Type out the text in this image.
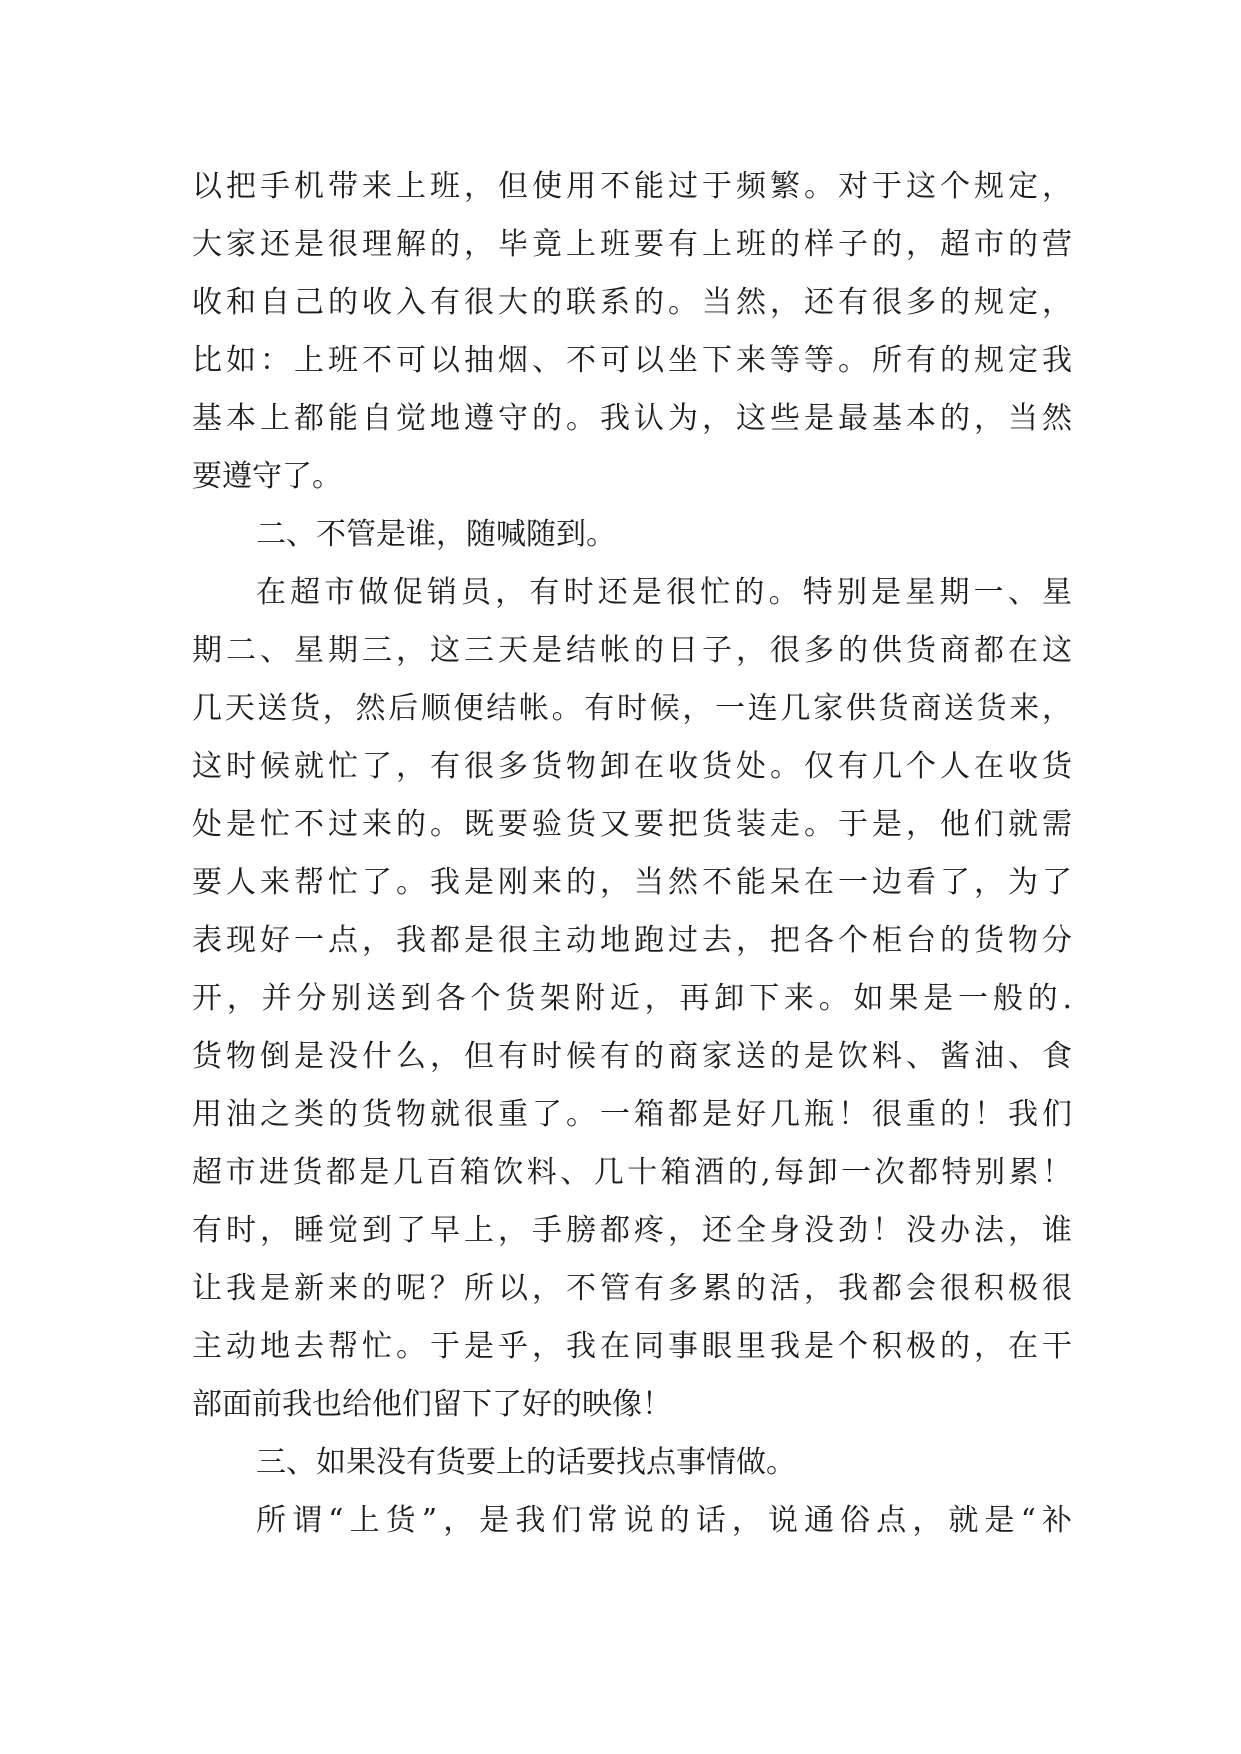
以把手机带来上班，但使用不能过于频繁。对于这个规定，
大家还是很理解的，毕竟上班要有上班的样子的，超市的营
收和自己的收入有很大的联系的。当然，还有很多的规定，
比如：上班不可以抽烟、不可以坐下来等等。所有的规定我
基本上都能自觉地遵守的。我认为，这些是最基本的，当然
要遵守了。
二、不管是谁，随喊随到。
在超市做促销员，有时还是很忙的。特别是星期一、星
期二、星期三，这三天是结帐的日子，很多的供货商都在这
几天送货，然后顺便结帐。有时候，一连几家供货商送货来，
这时候就忙了，有很多货物卸在收货处。仅有几个人在收货
处是忙不过来的。既要验货又要把货装走。于是，他们就需
要人来帮忙了。我是刚来的，当然不能呆在一边看了，为了
表现好一点，我都是很主动地跑过去，把各个柜台的货物分
开，并分别送到各个货架附近，再卸下来。如果是一般的.
货物倒是没什么，但有时候有的商家送的是饮料、酱油、食
用油之类的货物就很重了。一箱都是好几瓶！很重的！我们
超市进货都是几百箱饮料、几十箱酒的,每卸一次都特别累！
有时，睡觉到了早上，手膀都疼，还全身没劲！没办法，谁
让我是新来的呢？所以，不管有多累的活，我都会很积极很
主动地去帮忙。于是乎，我在同事眼里我是个积极的，在干
部面前我也给他们留下了好的映像！
三、如果没有货要上的话要找点事情做。
所谓“上货”，是我们常说的话，说通俗点，就是“补
